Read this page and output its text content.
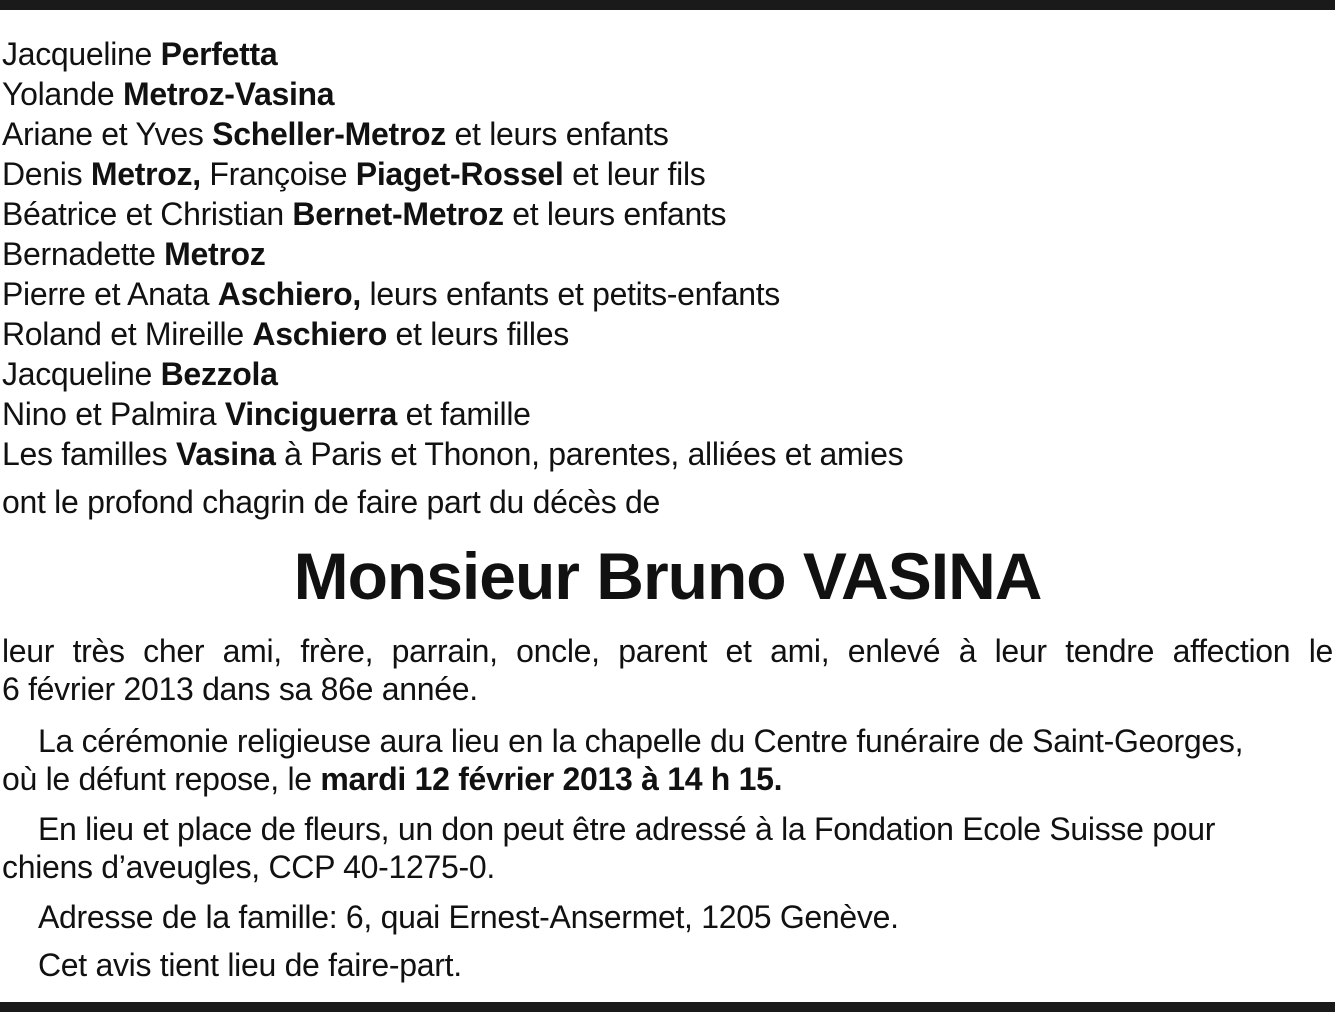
Jacqueline Perfetta
Yolande Metroz-Vasina
Ariane et Yves Scheller-Metroz et leurs enfants
Denis Metroz, Françoise Piaget-Rossel et leur fils
Béatrice et Christian Bernet-Metroz et leurs enfants
Bernadette Metroz
Pierre et Anata Aschiero, leurs enfants et petits-enfants
Roland et Mireille Aschiero et leurs filles
Jacqueline Bezzola
Nino et Palmira Vinciguerra et famille
Les familles Vasina à Paris et Thonon, parentes, alliées et amies
ont le profond chagrin de faire part du décès de
Monsieur Bruno VASINA
leur très cher ami, frère, parrain, oncle, parent et ami, enlevé à leur tendre affection le
6 février 2013 dans sa 86e année.
La cérémonie religieuse aura lieu en la chapelle du Centre funéraire de Saint-Georges,
où le défunt repose, le mardi 12 février 2013 à 14 h 15.
En lieu et place de fleurs, un don peut être adressé à la Fondation Ecole Suisse pour
chiens d’aveugles, CCP 40-1275-0.
Adresse de la famille: 6, quai Ernest-Ansermet, 1205 Genève.
Cet avis tient lieu de faire-part.
